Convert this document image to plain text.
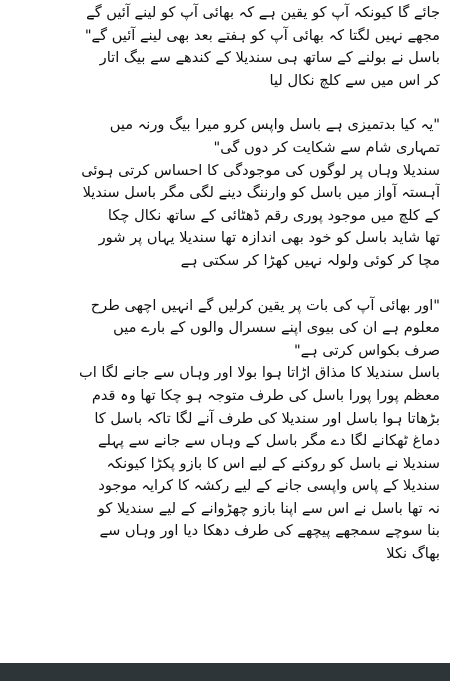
جائے گا کیونکہ آپ کو یقین ہے کہ بھائی آپ کو لینے آئیں گے
مجھے نہیں لگتا کہ بھائی آپ کو ہفتے بعد بھی لینے آئیں گے"
باسل نے بولنے کے ساتھ ہی سندیلا کے کندھے سے بیگ اتار
کر اس میں سے کلچ نکال لیا
"یہ کیا بدتمیزی ہے باسل واپس کرو میرا بیگ ورنہ میں
تمہاری شام سے شکایت کر دوں گی"
سندیلا وہاں پر لوگوں کی موجودگی کا احساس کرتی ہوئی
آہستہ آواز میں باسل کو وارننگ دینے لگی مگر باسل سندیلا
کے کلچ میں موجود پوری رقم ڈھٹائی کے ساتھ نکال چکا
تھا شاید باسل کو خود بھی اندازہ تھا سندیلا یہاں پر شور
مچا کر کوئی ولولہ نہیں کھڑا کر سکتی ہے
"اور بھائی آپ کی بات پر یقین کرلیں گے انہیں اچھی طرح
معلوم ہے ان کی بیوی اپنے سسرال والوں کے بارے میں
صرف بکواس کرتی ہے"
باسل سندیلا کا مذاق اڑاتا ہوا بولا اور وہاں سے جانے لگا اب
معظم پورا پورا باسل کی طرف متوجہ ہو چکا تھا وہ قدم
بڑھاتا ہوا باسل اور سندیلا کی طرف آنے لگا تاکہ باسل کا
دماغ ٹھکانے لگا دے مگر باسل کے وہاں سے جانے سے پہلے
سندیلا نے باسل کو روکنے کے لیے اس کا بازو پکڑا کیونکہ
سندیلا کے پاس واپسی جانے کے لیے رکشہ کا کرایہ موجود
نہ تھا باسل نے اس سے اپنا بازو چھڑوانے کے لیے سندیلا کو
بنا سوچے سمجھے پیچھے کی طرف دھکا دیا اور وہاں سے
بھاگ نکلا
